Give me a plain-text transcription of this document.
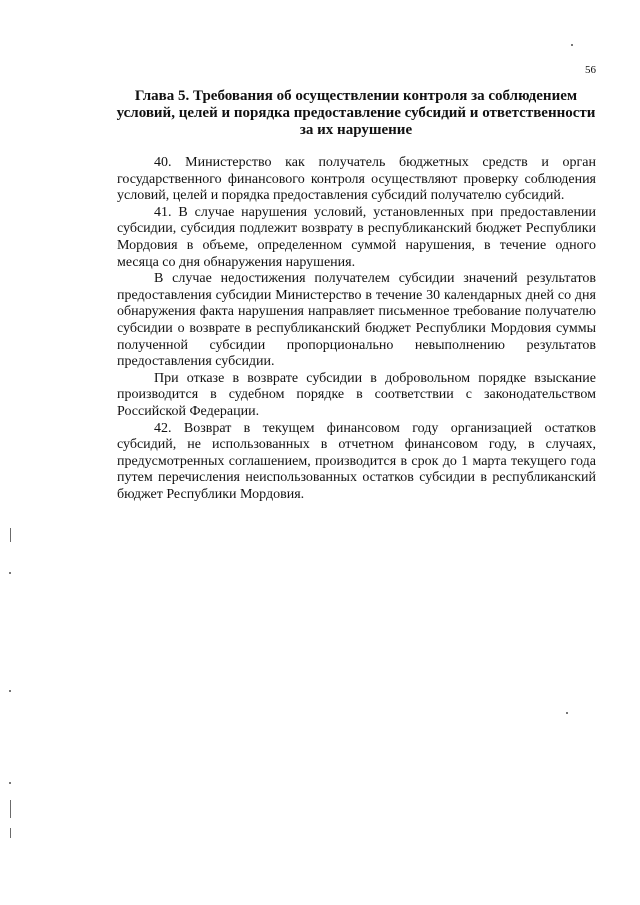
56
Глава 5. Требования об осуществлении контроля за соблюдением условий, целей и порядка предоставление субсидий и ответственности за их нарушение

40. Министерство как получатель бюджетных средств и орган государственного финансового контроля осуществляют проверку соблюдения условий, целей и порядка предоставления субсидий получателю субсидий.

41. В случае нарушения условий, установленных при предоставлении субсидии, субсидия подлежит возврату в республиканский бюджет Республики Мордовия в объеме, определенном суммой нарушения, в течение одного месяца со дня обнаружения нарушения.

В случае недостижения получателем субсидии значений результатов предоставления субсидии Министерство в течение 30 календарных дней со дня обнаружения факта нарушения направляет письменное требование получателю субсидии о возврате в республиканский бюджет Республики Мордовия суммы полученной субсидии пропорционально невыполнению результатов предоставления субсидии.

При отказе в возврате субсидии в добровольном порядке взыскание производится в судебном порядке в соответствии с законодательством Российской Федерации.

42. Возврат в текущем финансовом году организацией остатков субсидий, не использованных в отчетном финансовом году, в случаях, предусмотренных соглашением, производится в срок до 1 марта текущего года путем перечисления неиспользованных остатков субсидии в республиканский бюджет Республики Мордовия.
